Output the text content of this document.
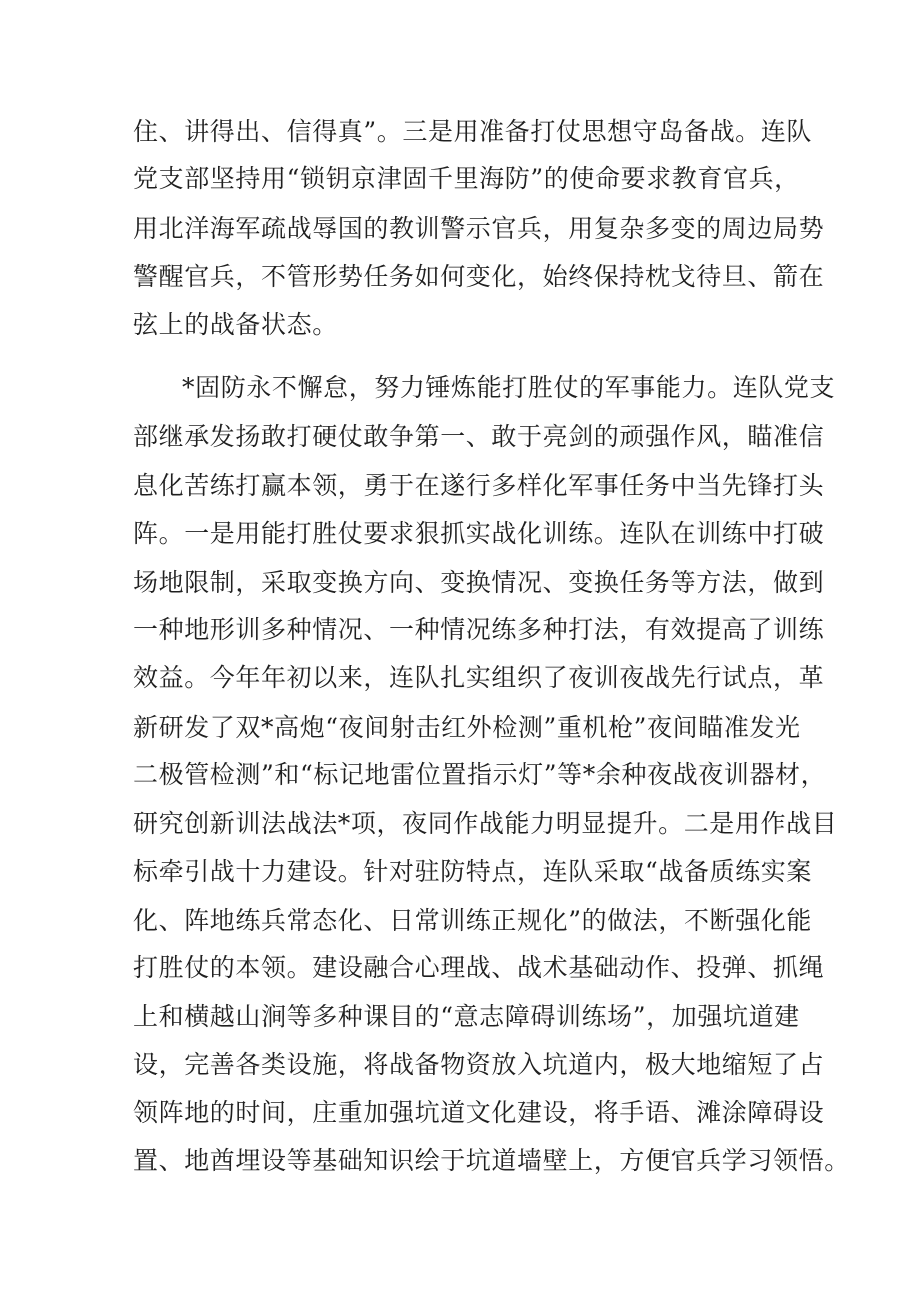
住、讲得出、信得真”。三是用准备打仗思想守岛备战。连队
党支部坚持用“锁钥京津固千里海防”的使命要求教育官兵，
用北洋海军疏战辱国的教训警示官兵，用复杂多变的周边局势
警醒官兵，不管形势任务如何变化，始终保持枕戈待旦、箭在
弦上的战备状态。
*固防永不懈怠，努力锤炼能打胜仗的军事能力。连队党支
部继承发扬敢打硬仗敢争第一、敢于亮剑的顽强作风，瞄准信
息化苦练打赢本领，勇于在遂行多样化军事任务中当先锋打头
阵。一是用能打胜仗要求狠抓实战化训练。连队在训练中打破
场地限制，采取变换方向、变换情况、变换任务等方法，做到
一种地形训多种情况、一种情况练多种打法，有效提高了训练
效益。今年年初以来，连队扎实组织了夜训夜战先行试点，革
新研发了双*高炮“夜间射击红外检测”重机枪”夜间瞄准发光
二极管检测”和“标记地雷位置指示灯”等*余种夜战夜训器材，
研究创新训法战法*项，夜同作战能力明显提升。二是用作战目
标牵引战十力建设。针对驻防特点，连队采取“战备质练实案
化、阵地练兵常态化、日常训练正规化”的做法，不断强化能
打胜仗的本领。建设融合心理战、战术基础动作、投弹、抓绳
上和横越山涧等多种课目的“意志障碍训练场”，加强坑道建
设，完善各类设施，将战备物资放入坑道内，极大地缩短了占
领阵地的时间，庄重加强坑道文化建设，将手语、滩涂障碍设
置、地酋埋设等基础知识绘于坑道墙壁上，方便官兵学习领悟。
